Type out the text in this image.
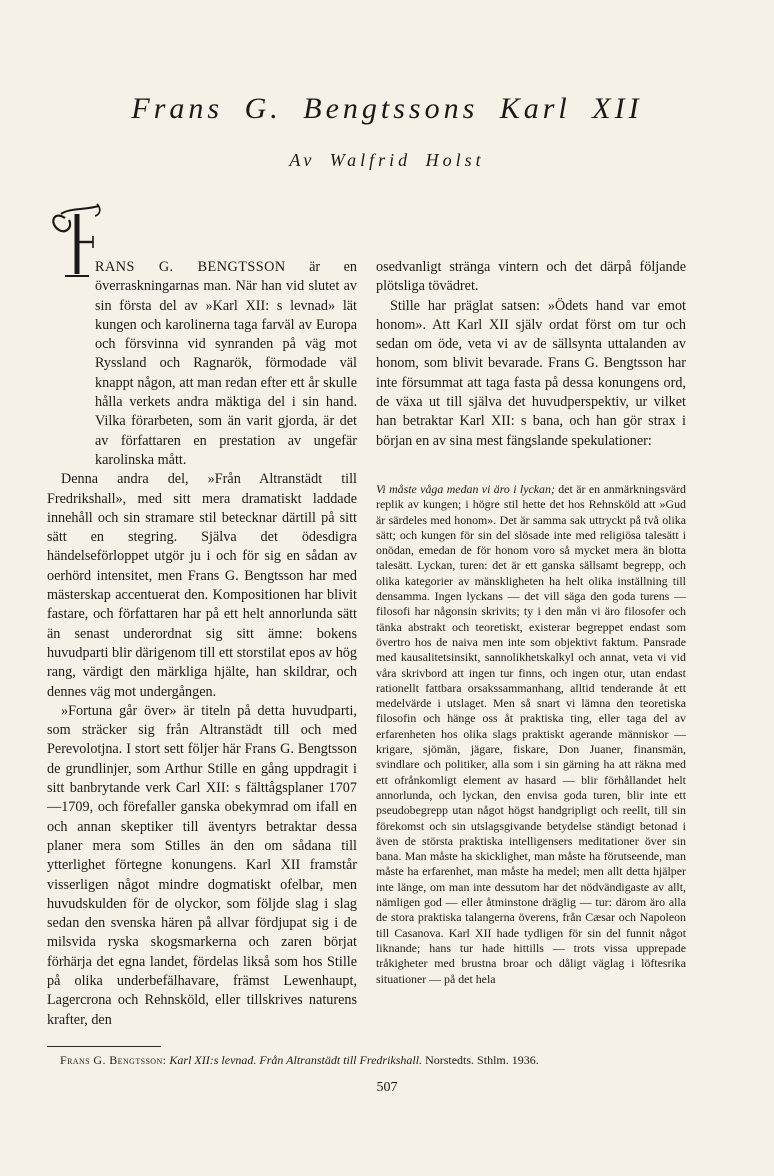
Frans G. Bengtssons Karl XII
Av Walfrid Holst

RANS G. BENGTSSON är en överraskningarnas man. När han vid slutet av sin första del av »Karl XII: s levnad» lät kungen och karolinerna taga farväl av Europa och försvinna vid synranden på väg mot Ryssland och Ragnarök, förmodade väl knappt någon, att man redan efter ett år skulle hålla verkets andra mäktiga del i sin hand. Vilka förarbeten, som än varit gjorda, är det av författaren en prestation av ungefär karolinska mått.

Denna andra del, »Från Altranstädt till Fredrikshall», med sitt mera dramatiskt laddade innehåll och sin stramare stil betecknar därtill på sitt sätt en stegring. Själva det ödesdigra händelseförloppet utgör ju i och för sig en sådan av oerhörd intensitet, men Frans G. Bengtsson har med mästerskap accentuerat den. Kompositionen har blivit fastare, och författaren har på ett helt annorlunda sätt än senast underordnat sig sitt ämne: bokens huvudparti blir därigenom till ett storstilat epos av hög rang, värdigt den märkliga hjälte, han skildrar, och dennes väg mot undergången.

»Fortuna går över» är titeln på detta huvudparti, som sträcker sig från Altranstädt till och med Perevolotjna. I stort sett följer här Frans G. Bengtsson de grundlinjer, som Arthur Stille en gång uppdragit i sitt banbrytande verk Carl XII: s fälttågsplaner 1707—1709, och förefaller ganska obekymrad om ifall en och annan skeptiker till äventyrs betraktar dessa planer mera som Stilles än den om sådana till ytterlighet förtegne konungens. Karl XII framstår visserligen något mindre dogmatiskt ofelbar, men huvudskulden för de olyckor, som följde slag i slag sedan den svenska hären på allvar fördjupat sig i de milsvida ryska skogsmarkerna och zaren börjat förhärja det egna landet, fördelas likså som hos Stille på olika underbefälhavare, främst Lewenhaupt, Lagercrona och Rehnsköld, eller tillskrives naturens krafter, den

osedvanligt stränga vintern och det därpå följande plötsliga tövädret.

Stille har präglat satsen: »Ödets hand var emot honom». Att Karl XII själv ordat först om tur och sedan om öde, veta vi av de sällsynta uttalanden av honom, som blivit bevarade. Frans G. Bengtsson har inte försummat att taga fasta på dessa konungens ord, de växa ut till själva det huvudperspektiv, ur vilket han betraktar Karl XII: s bana, och han gör strax i början en av sina mest fängslande spekulationer:

Vi måste våga medan vi äro i lyckan; det är en anmärkningsvärd replik av kungen; i högre stil hette det hos Rehnsköld att »Gud är särdeles med honom». Det är samma sak uttryckt på två olika sätt; och kungen för sin del slösade inte med religiösa talesätt i onödan, emedan de för honom voro så mycket mera än blotta talesätt. Lyckan, turen: det är ett ganska sällsamt begrepp, och olika kategorier av mänskligheten ha helt olika inställning till densamma. Ingen lyckans — det vill säga den goda turens — filosofi har någonsin skrivits; ty i den mån vi äro filosofer och tänka abstrakt och teoretiskt, existerar begreppet endast som övertro hos de naiva men inte som objektivt faktum. Pansrade med kausalitetsinsikt, sannolikhetskalkyl och annat, veta vi vid våra skrivbord att ingen tur finns, och ingen otur, utan endast rationellt fattbara orsakssammanhang, alltid tenderande åt ett medelvärde i utslaget. Men så snart vi lämna den teoretiska filosofin och hänge oss åt praktiska ting, eller taga del av erfarenheten hos olika slags praktiskt agerande människor — krigare, sjömän, jägare, fiskare, Don Juaner, finansmän, svindlare och politiker, alla som i sin gärning ha att räkna med ett ofrånkomligt element av hasard — blir förhållandet helt annorlunda, och lyckan, den envisa goda turen, blir inte ett pseudobegrepp utan något högst handgripligt och reellt, till sin förekomst och sin utslagsgivande betydelse ständigt betonad i även de största praktiska intelligensers meditationer över sin bana. Man måste ha skicklighet, man måste ha förutseende, man måste ha erfarenhet, man måste ha medel; men allt detta hjälper inte länge, om man inte dessutom har det nödvändigaste av allt, nämligen god — eller åtminstone dräglig — tur: därom äro alla de stora praktiska talangerna överens, från Cæsar och Napoleon till Casanova. Karl XII hade tydligen för sin del funnit något liknande; hans tur hade hittills — trots vissa upprepade tråkigheter med brustna broar och dåligt väglag i löftesrika situationer — på det hela

Frans G. Bengtsson: Karl XII:s levnad. Från Altranstädt till Fredrikshall. Norstedts. Sthlm. 1936.
507
